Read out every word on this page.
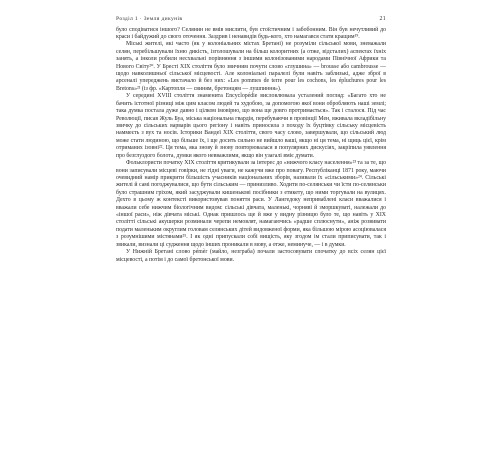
Розділ 1 · Земля дикунів	21

було сподіватися іншого? Селянин не вмів мислити, був стоїстичним і забобонним. Він був нечутливий до краси і байдужий до свого оточення. Заздрив і ненавидів будь-кого, хто намагався стати кращим¹⁹.

Міські жителі, які часто (як у колоніальних містах Бретані) не розуміли сільської мови, зневажали селян, перебільшували їхню дикість, ізголошували на більш колоритних (а отже, відсталих) аспектах їхніх занять, а інколи робили несхвальні порівняння з іншими колонізованими народами Північної Африки та Нового Світу²⁰. У Бресті XIX століття було звичним почути слово «глушина» — brousse або cambrousse — щодо навколишньої сільської місцевості. Але колоніальні паралелі були навіть заблизькі, адже зброї в арсеналі упереджень вистачало й без них: «Les pommes de terre pour les cochons, les épluchures pour les Bretons»²¹ (із фр. «Картопля — свиням, бретонцям — лушпиння»).

У середині XVIII століття знаменита Encyclopédie висловлювала усталений погляд: «Багато хто не бачить істотної різниці між цим класом людей та худобою, за допомогою якої вони обробляють наші землі; така думка постала дуже давно і цілком імовірно, що вона ще довго протримається». Так і сталося. Під час Революції, писав Жуль Буа, міська національна гвардія, перебуваючи в провінції Мен, вживала вкладібільну звичку до сільських варварів цього регіону і навіть приносила з походу їх буцтівку сільську місцевість наммеєть з вух та носів. Історики Вандеї XIX століття, свого часу слово, завершували, що сільський люд може стати людиною, що більше їх, і ще досить сильно не вийшло ваші, якщо ні ця тема, ні щиць цієї, крім отриманих ізовні²². Ця тема, яка знову й знову повторювалася в популярних дискусіях, закріпила уявлення про безглуздого болота, думки якого невважлими, якщо він узагалі вміє думати.

Фольклористи початку XIX століття критикували за інтерес до «нижчого класу населення»²³ та за те, що вони записували місцеві говірки, не гідні уваги, не кажучи вже про повагу. Республіканці 1871 року, маючи очевидний намір прикрити більшість учасників національних зборів, називали їх «сільськими»²⁴. Сільські жителі й самі погоджувалися, що бути сільським — принизливо. Ходити по-селянськи чи їсти по-селянськи було страшним гріхом, який засуджували кишенькові посібники з етикету, що ними торгували на вулицях. Дехто в цьому ж контексті використовував поняття раси. У Лангедоку неприваблені класи вважалися і вважали себе нижчим біологічним видом: сільські дівчата, маленькі, чорняві й зморшкуваті, належали до «іншої раси», ніж дівчата міські. Однак пришлось ще й вже у видну різницю було те, що навіть у XIX столітті сільські акушерки розминали черепи немовлят, намагаючись «радше сплюснути», аніж розвивати подати маленьким округлим головам селянських дітей видовженої форми, яка більшою мірою асоціювалася з розумнішими містянами²⁵. І як одні припускали собі вищість, яку згодом ім стали приписувати, так і звикали, визнали ці судження щодо інших проникали в мову, а отже, неминуче, — і в думки.

У Нижній Бретані слово pémèr (майло, незграба) почали застосовувати спочатку до всіх селян цієї місцевості, а потім і до самої бретонської мови.
